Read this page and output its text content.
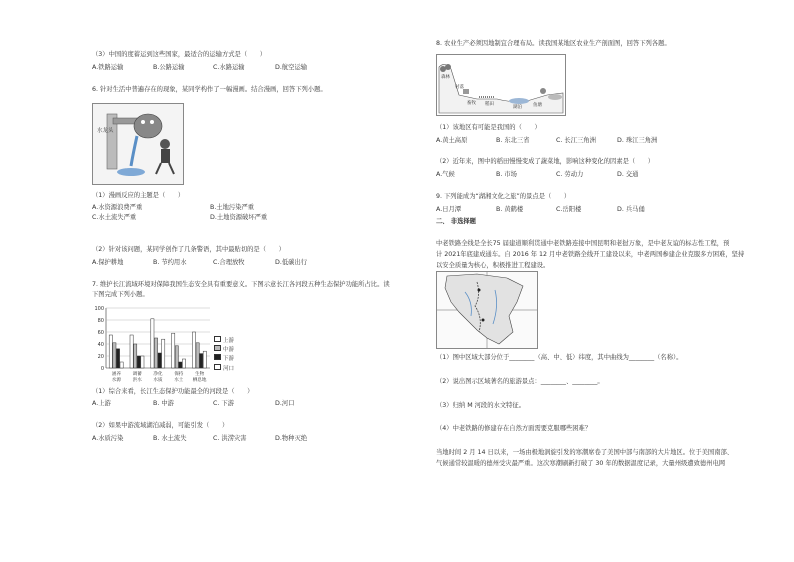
（3）中国的度蓄运到这些国家，最适合的运输方式是（　　）
A.铁路运输	B.公路运输	C.水路运输	D.航空运输
6. 针对生活中普遍存在的现象，某同学构作了一幅漫画。结合漫画，回答下列小题。
水龙头
（1）漫画反应的主题是（　　）
A.水资源浪费严重	B.土地污染严重
C.水土流失严重	D.土地资源破坏严重
（2）针对该问题，某同学创作了几条警语，其中最贴切的是（　　）
A.保护耕地	B. 节约用水	C.合理放牧	D.低碳出行
7. 维护长江流域环境对保障我国生态安全具有重要意义。下图示意长江各河段五种生态保护功能所占比。读
下图完成下列小题。
0
20
40
60
80
100
涵养
水源
调蓄
洪水
净化
水质
保持
水土
生物
栖息地
上游
中游
下游
河口
（1）综合来看，长江生态保护功能最全的河段是（　　）
A.上游	B. 中游	C. 下游	D.河口
（2）如果中游流域湖泊减弱，可能引发（　　）
A.水质污染	B. 水土流失	C. 洪涝灾害	D.物种灭绝
8. 农业生产必须因地制宜合理布局。读我国某地区农业生产剖面图，回答下列各题。
森林
村落
畜牧	鱼塘
稻田
湖泊
（1）该地区有可能是我国的（　　）
A.黄土高原	B. 东北三省	C. 长江三角洲	D. 珠江三角洲
（2）近年来，图中的稻田慢慢变成了蔬菜地，影响这种变化的因素是（　　）
A.气候	B. 市场	C. 劳动力	D. 交通
9. 下列能成为“湖湘文化之旅”的景点是（　　）
A.日月潭	B. 黄鹤楼	C.岳阳楼	D. 兵马俑
二、 非选择题
中老铁路全线是全长75 届建道顺利贯通中老铁路连接中国昆明和老挝万象，是中老友谊的标志性工程，预
计 2021年底建成通车。自 2016 年 12 月中老铁路全线开工建设以来，中老两国参建企业克服多方困难，坚持
以安全质量为核心，积极推进工程建设。
（1）图中区域大部分位于________（高、中、低）纬度，其中曲线为________（名称）。
（2）说出图示区域著名的旅游景点：________、________。
（3）归纳 M 河段的水文特征。
（4）中老铁路的修建存在自然方面需要克服哪些困难？
当地时间 2 月 14 日以来，一场由极地涡旋引发的寒潮席卷了美国中部与南部的大片地区。位于美国南部、
气候通常较温暖的德州受灾最严重。这次寒潮刷新打破了 30 年的数据温度记录，大量州级遭致德州电网
